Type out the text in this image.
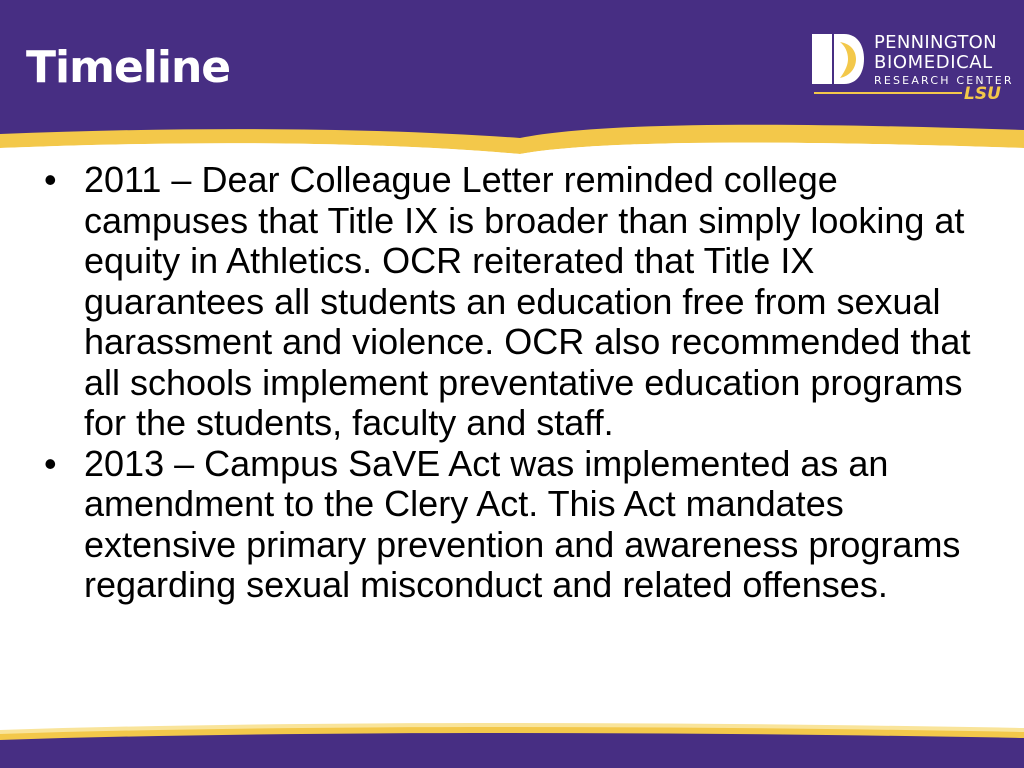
Timeline	PENNINGTON
BIOMEDICAL
RESEARCH CENTER
LSU
• 2011 – Dear Colleague Letter reminded college campuses that Title IX is broader than simply looking at equity in Athletics. OCR reiterated that Title IX guarantees all students an education free from sexual harassment and violence. OCR also recommended that all schools implement preventative education programs for the students, faculty and staff.
• 2013 – Campus SaVE Act was implemented as an amendment to the Clery Act. This Act mandates extensive primary prevention and awareness programs regarding sexual misconduct and related offenses.
